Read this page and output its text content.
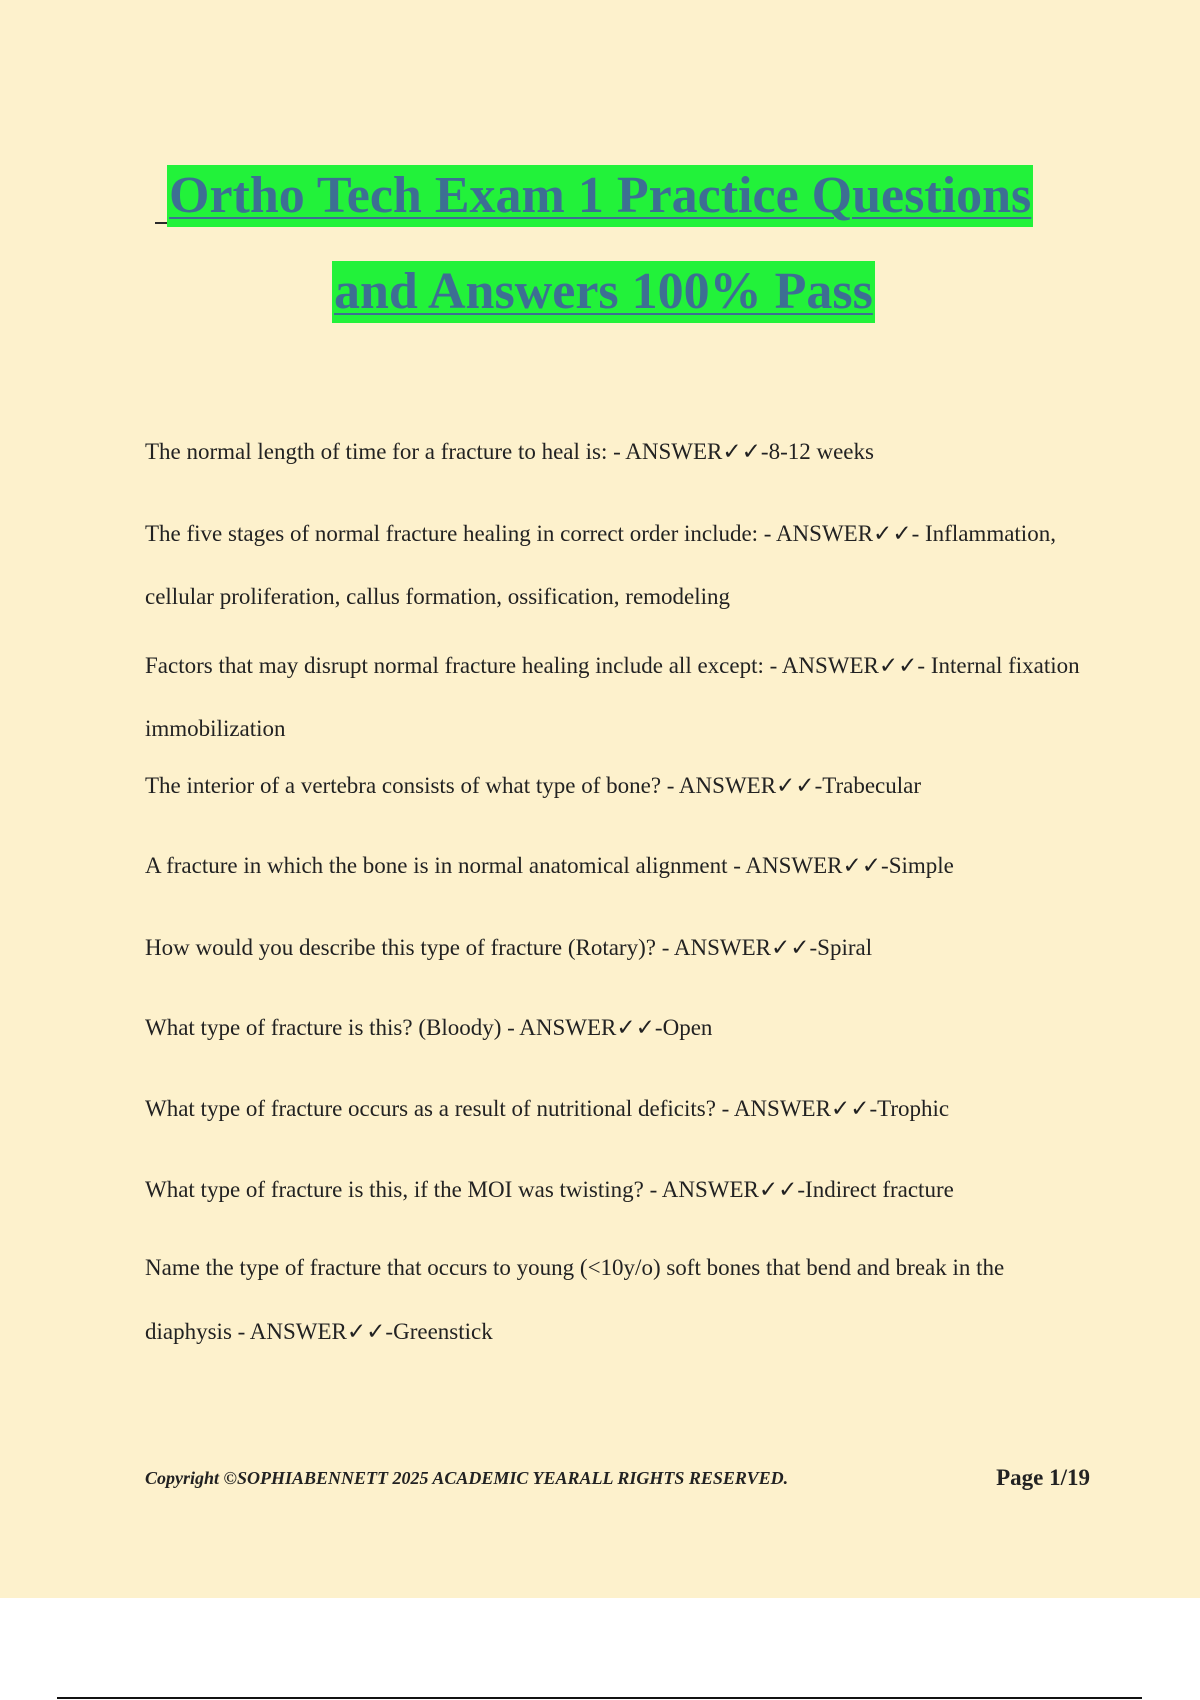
Ortho Tech Exam 1 Practice Questions
and Answers 100% Pass
The normal length of time for a fracture to heal is: - ANSWER✓✓-8-12 weeks
The five stages of normal fracture healing in correct order include: - ANSWER✓✓- Inflammation, cellular proliferation, callus formation, ossification, remodeling
Factors that may disrupt normal fracture healing include all except: - ANSWER✓✓- Internal fixation immobilization
The interior of a vertebra consists of what type of bone? - ANSWER✓✓-Trabecular
A fracture in which the bone is in normal anatomical alignment - ANSWER✓✓-Simple
How would you describe this type of fracture (Rotary)? - ANSWER✓✓-Spiral
What type of fracture is this? (Bloody) - ANSWER✓✓-Open
What type of fracture occurs as a result of nutritional deficits? - ANSWER✓✓-Trophic
What type of fracture is this, if the MOI was twisting? - ANSWER✓✓-Indirect fracture
Name the type of fracture that occurs to young (<10y/o) soft bones that bend and break in the diaphysis - ANSWER✓✓-Greenstick
Copyright ©SOPHIABENNETT 2025 ACADEMIC YEARALL RIGHTS RESERVED.	Page 1/19
